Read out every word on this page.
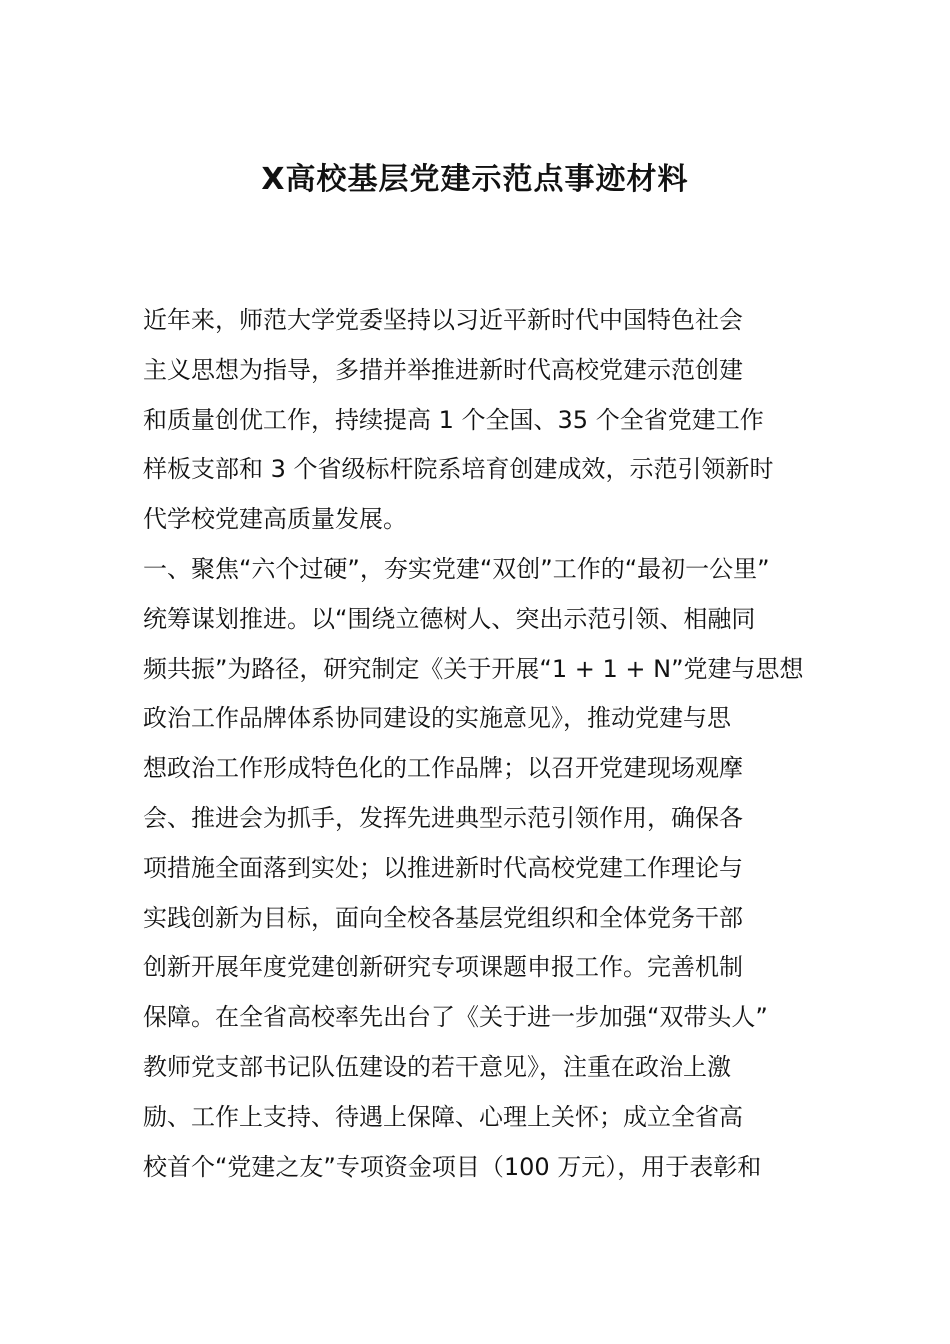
X高校基层党建示范点事迹材料
近年来，师范大学党委坚持以习近平新时代中国特色社会
主义思想为指导，多措并举推进新时代高校党建示范创建
和质量创优工作，持续提高 1 个全国、35 个全省党建工作
样板支部和 3 个省级标杆院系培育创建成效，示范引领新时
代学校党建高质量发展。
一、聚焦“六个过硬”，夯实党建“双创”工作的“最初一公里”
统筹谋划推进。以“围绕立德树人、突出示范引领、相融同
频共振”为路径，研究制定《关于开展“1 + 1 + N”党建与思想
政治工作品牌体系协同建设的实施意见》，推动党建与思
想政治工作形成特色化的工作品牌；以召开党建现场观摩
会、推进会为抓手，发挥先进典型示范引领作用，确保各
项措施全面落到实处；以推进新时代高校党建工作理论与
实践创新为目标，面向全校各基层党组织和全体党务干部
创新开展年度党建创新研究专项课题申报工作。完善机制
保障。在全省高校率先出台了《关于进一步加强“双带头人”
教师党支部书记队伍建设的若干意见》，注重在政治上激
励、工作上支持、待遇上保障、心理上关怀；成立全省高
校首个“党建之友”专项资金项目（100 万元），用于表彰和
